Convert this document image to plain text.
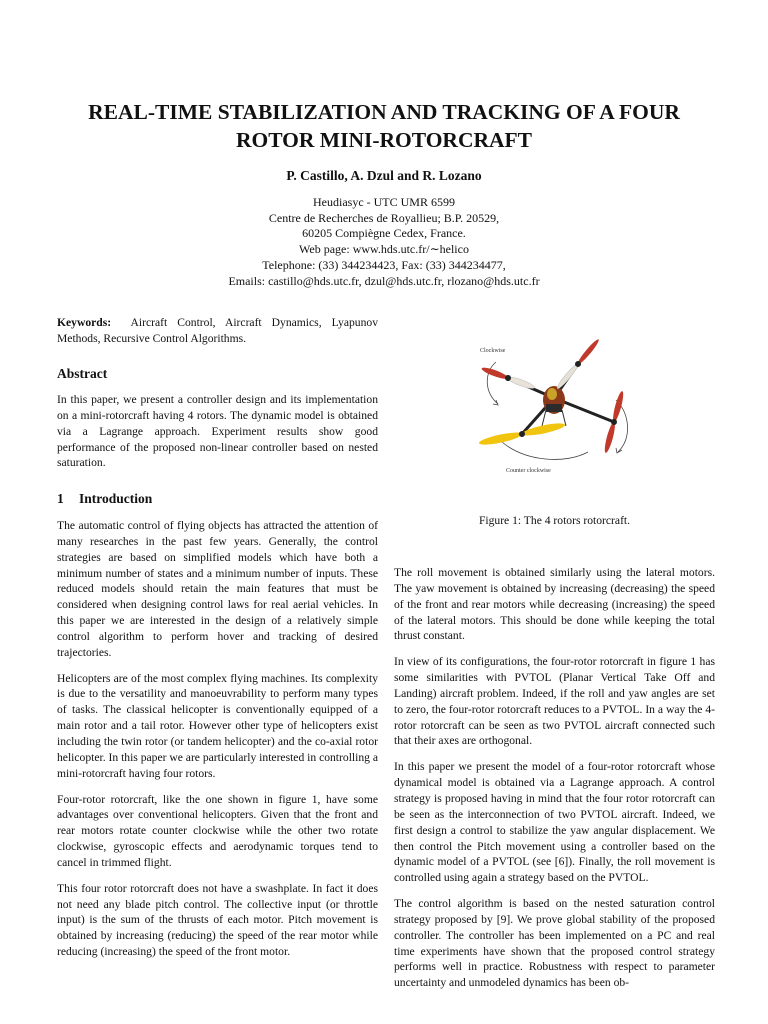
REAL-TIME STABILIZATION AND TRACKING OF A FOUR
ROTOR MINI-ROTORCRAFT
P. Castillo, A. Dzul and R. Lozano
Heudiasyc - UTC UMR 6599
Centre de Recherches de Royallieu; B.P. 20529,
60205 Compiègne Cedex, France.
Web page: www.hds.utc.fr/∼helico
Telephone: (33) 344234423, Fax: (33) 344234477,
Emails: castillo@hds.utc.fr, dzul@hds.utc.fr, rlozano@hds.utc.fr
Keywords: Aircraft Control, Aircraft Dynamics, Lyapunov Methods, Recursive Control Algorithms.
Abstract

In this paper, we present a controller design and its implementation on a mini-rotorcraft having 4 rotors. The dynamic model is obtained via a Lagrange approach. Experiment results show good performance of the proposed non-linear controller based on nested saturation.

1 Introduction

The automatic control of flying objects has attracted the attention of many researches in the past few years. Generally, the control strategies are based on simplified models which have both a minimum number of states and a minimum number of inputs. These reduced models should retain the main features that must be considered when designing control laws for real aerial vehicles. In this paper we are interested in the design of a relatively simple control algorithm to perform hover and tracking of desired trajectories.

Helicopters are of the most complex flying machines. Its complexity is due to the versatility and manoeuvrability to perform many types of tasks. The classical helicopter is conventionally equipped of a main rotor and a tail rotor. However other type of helicopters exist including the twin rotor (or tandem helicopter) and the co-axial rotor helicopter. In this paper we are particularly interested in controlling a mini-rotorcraft having four rotors.

Four-rotor rotorcraft, like the one shown in figure 1, have some advantages over conventional helicopters. Given that the front and rear motors rotate counter clockwise while the other two rotate clockwise, gyroscopic effects and aerodynamic torques tend to cancel in trimmed flight.

This four rotor rotorcraft does not have a swashplate. In fact it does not need any blade pitch control. The collective input (or throttle input) is the sum of the thrusts of each motor. Pitch movement is obtained by increasing (reducing) the speed of the rear motor while reducing (increasing) the speed of the front motor.

Clockwise
Counter clockwise
Figure 1: The 4 rotors rotorcraft.

The roll movement is obtained similarly using the lateral motors. The yaw movement is obtained by increasing (decreasing) the speed of the front and rear motors while decreasing (increasing) the speed of the lateral motors. This should be done while keeping the total thrust constant.

In view of its configurations, the four-rotor rotorcraft in figure 1 has some similarities with PVTOL (Planar Vertical Take Off and Landing) aircraft problem. Indeed, if the roll and yaw angles are set to zero, the four-rotor rotorcraft reduces to a PVTOL. In a way the 4-rotor rotorcraft can be seen as two PVTOL aircraft connected such that their axes are orthogonal.

In this paper we present the model of a four-rotor rotorcraft whose dynamical model is obtained via a Lagrange approach. A control strategy is proposed having in mind that the four rotor rotorcraft can be seen as the interconnection of two PVTOL aircraft. Indeed, we first design a control to stabilize the yaw angular displacement. We then control the Pitch movement using a controller based on the dynamic model of a PVTOL (see [6]). Finally, the roll movement is controlled using again a strategy based on the PVTOL.

The control algorithm is based on the nested saturation control strategy proposed by [9]. We prove global stability of the proposed controller. The controller has been implemented on a PC and real time experiments have shown that the proposed control strategy performs well in practice. Robustness with respect to parameter uncertainty and unmodeled dynamics has been ob-
